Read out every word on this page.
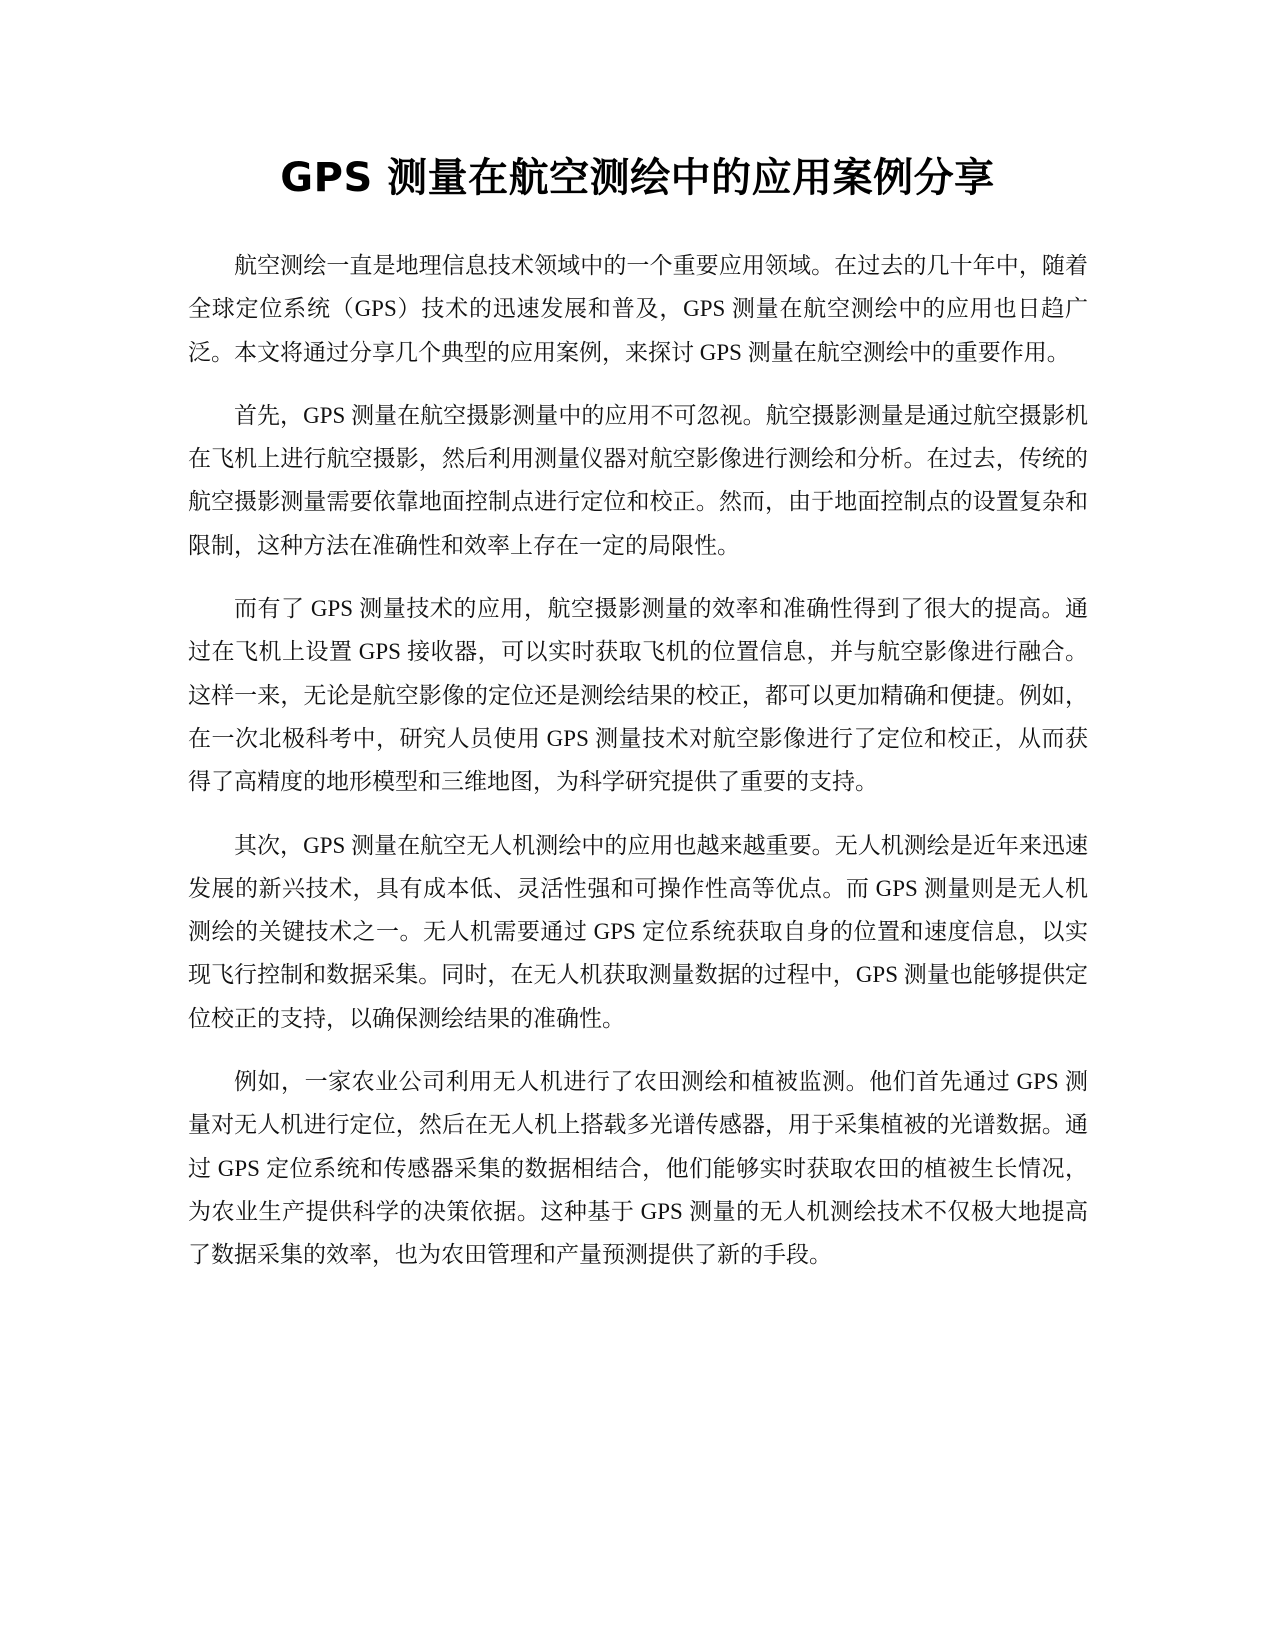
GPS 测量在航空测绘中的应用案例分享

航空测绘一直是地理信息技术领域中的一个重要应用领域。在过去的几十年中，随着全球定位系统（GPS）技术的迅速发展和普及，GPS 测量在航空测绘中的应用也日趋广泛。本文将通过分享几个典型的应用案例，来探讨 GPS 测量在航空测绘中的重要作用。

首先，GPS 测量在航空摄影测量中的应用不可忽视。航空摄影测量是通过航空摄影机在飞机上进行航空摄影，然后利用测量仪器对航空影像进行测绘和分析。在过去，传统的航空摄影测量需要依靠地面控制点进行定位和校正。然而，由于地面控制点的设置复杂和限制，这种方法在准确性和效率上存在一定的局限性。

而有了 GPS 测量技术的应用，航空摄影测量的效率和准确性得到了很大的提高。通过在飞机上设置 GPS 接收器，可以实时获取飞机的位置信息，并与航空影像进行融合。这样一来，无论是航空影像的定位还是测绘结果的校正，都可以更加精确和便捷。例如，在一次北极科考中，研究人员使用 GPS 测量技术对航空影像进行了定位和校正，从而获得了高精度的地形模型和三维地图，为科学研究提供了重要的支持。

其次，GPS 测量在航空无人机测绘中的应用也越来越重要。无人机测绘是近年来迅速发展的新兴技术，具有成本低、灵活性强和可操作性高等优点。而 GPS 测量则是无人机测绘的关键技术之一。无人机需要通过 GPS 定位系统获取自身的位置和速度信息，以实现飞行控制和数据采集。同时，在无人机获取测量数据的过程中，GPS 测量也能够提供定位校正的支持，以确保测绘结果的准确性。

例如，一家农业公司利用无人机进行了农田测绘和植被监测。他们首先通过 GPS 测量对无人机进行定位，然后在无人机上搭载多光谱传感器，用于采集植被的光谱数据。通过 GPS 定位系统和传感器采集的数据相结合，他们能够实时获取农田的植被生长情况，为农业生产提供科学的决策依据。这种基于 GPS 测量的无人机测绘技术不仅极大地提高了数据采集的效率，也为农田管理和产量预测提供了新的手段。
